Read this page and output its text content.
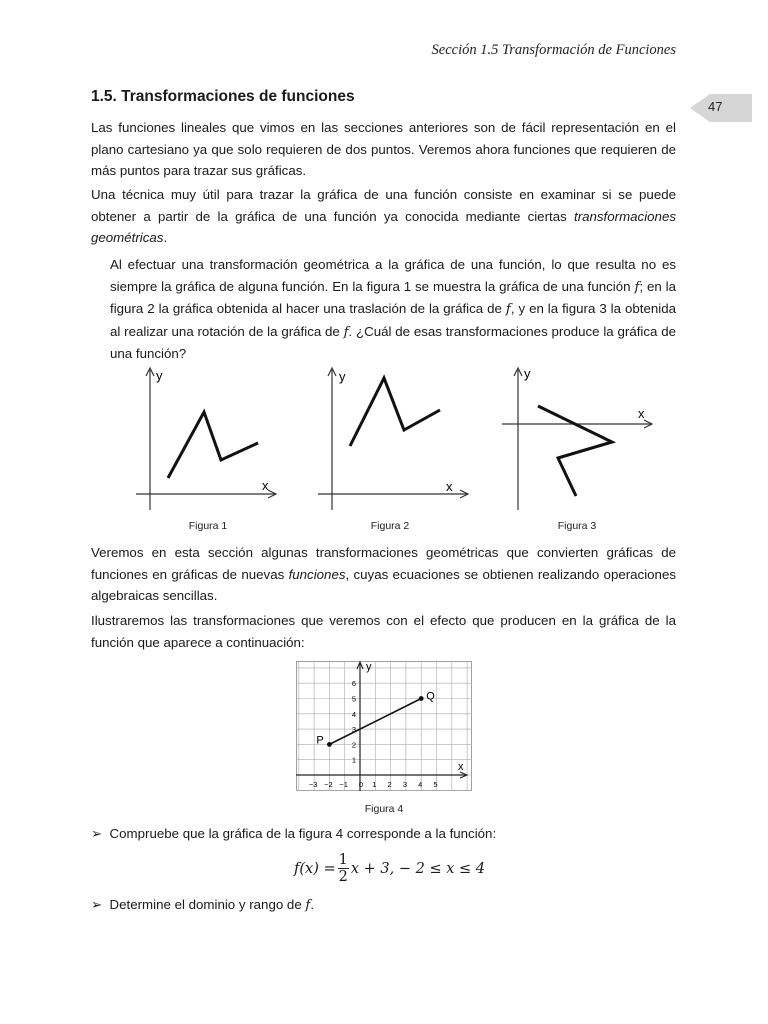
Sección 1.5 Transformación de Funciones
47
1.5. Transformaciones de funciones

Las funciones lineales que vimos en las secciones anteriores son de fácil representación en el plano cartesiano ya que solo requieren de dos puntos. Veremos ahora funciones que requieren de más puntos para trazar sus gráficas.

Una técnica muy útil para trazar la gráfica de una función consiste en examinar si se puede obtener a partir de la gráfica de una función ya conocida mediante ciertas transformaciones geométricas.

Al efectuar una transformación geométrica a la gráfica de una función, lo que resulta no es siempre la gráfica de alguna función. En la figura 1 se muestra la gráfica de una función f; en la figura 2 la gráfica obtenida al hacer una traslación de la gráfica de f, y en la figura 3 la obtenida al realizar una rotación de la gráfica de f. ¿Cuál de esas transformaciones produce la gráfica de una función?

y
x
Figura 1
y
x
Figura 2
y
x
Figura 3

Veremos en esta sección algunas transformaciones geométricas que convierten gráficas de funciones en gráficas de nuevas funciones, cuyas ecuaciones se obtienen realizando operaciones algebraicas sencillas.

Ilustraremos las transformaciones que veremos con el efecto que producen en la gráfica de la función que aparece a continuación:

x
y
−3 −2 −1 0 1 2 3 4 5
1
2
3
4
5
6
P
Q
Figura 4
➢ Compruebe que la gráfica de la figura 4 corresponde a la función:
$f(x) = \frac{1}{2}$ x + 3, − 2 ≤ x ≤ 4
➢ Determine el dominio y rango de f.
